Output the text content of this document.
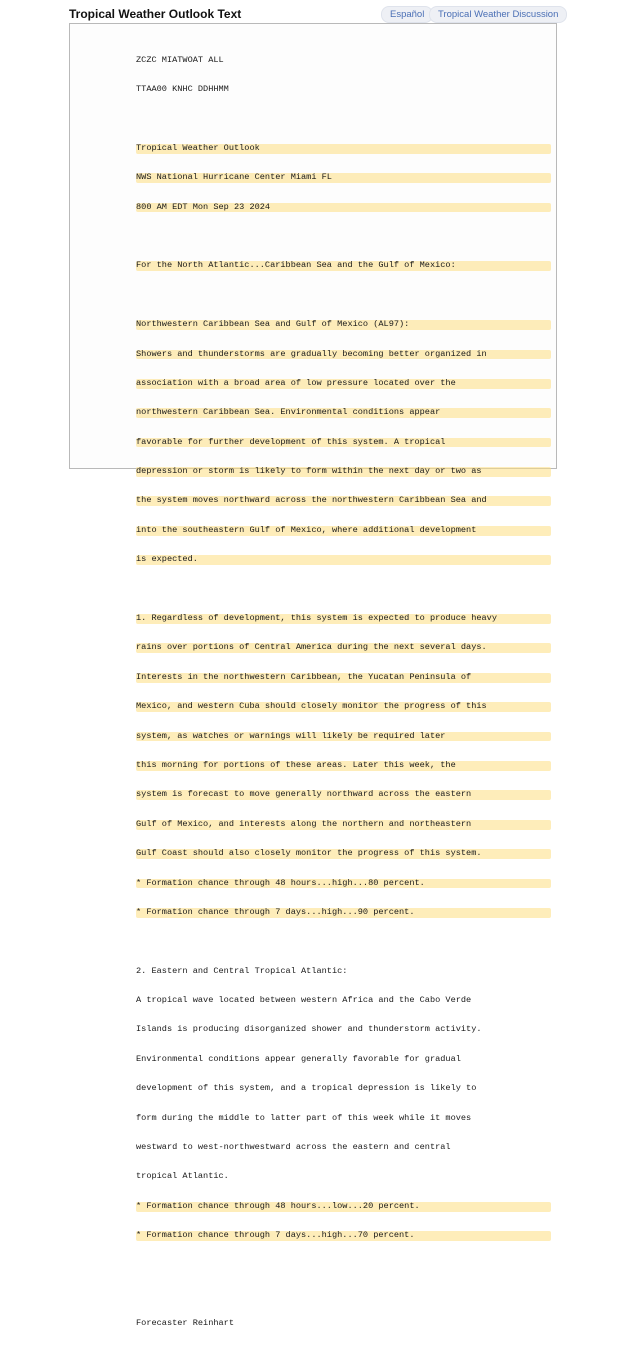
Tropical Weather Outlook Text	Español	Tropical Weather Discussion

ZCZC MIATWOAT ALL

TTAA00 KNHC DDHHMM

Tropical Weather Outlook

NWS National Hurricane Center Miami FL

800 AM EDT Mon Sep 23 2024

For the North Atlantic...Caribbean Sea and the Gulf of Mexico:

Northwestern Caribbean Sea and Gulf of Mexico (AL97):

Showers and thunderstorms are gradually becoming better organized in

association with a broad area of low pressure located over the

northwestern Caribbean Sea. Environmental conditions appear

favorable for further development of this system. A tropical

depression or storm is likely to form within the next day or two as

the system moves northward across the northwestern Caribbean Sea and

into the southeastern Gulf of Mexico, where additional development

is expected.

1. Regardless of development, this system is expected to produce heavy

rains over portions of Central America during the next several days.

Interests in the northwestern Caribbean, the Yucatan Peninsula of

Mexico, and western Cuba should closely monitor the progress of this

system, as watches or warnings will likely be required later

this morning for portions of these areas. Later this week, the

system is forecast to move generally northward across the eastern

Gulf of Mexico, and interests along the northern and northeastern

Gulf Coast should also closely monitor the progress of this system.

* Formation chance through 48 hours...high...80 percent.

* Formation chance through 7 days...high...90 percent.

2. Eastern and Central Tropical Atlantic:

A tropical wave located between western Africa and the Cabo Verde

Islands is producing disorganized shower and thunderstorm activity.

Environmental conditions appear generally favorable for gradual

development of this system, and a tropical depression is likely to

form during the middle to latter part of this week while it moves

westward to west-northwestward across the eastern and central

tropical Atlantic.

* Formation chance through 48 hours...low...20 percent.

* Formation chance through 7 days...high...70 percent.

Forecaster Reinhart
